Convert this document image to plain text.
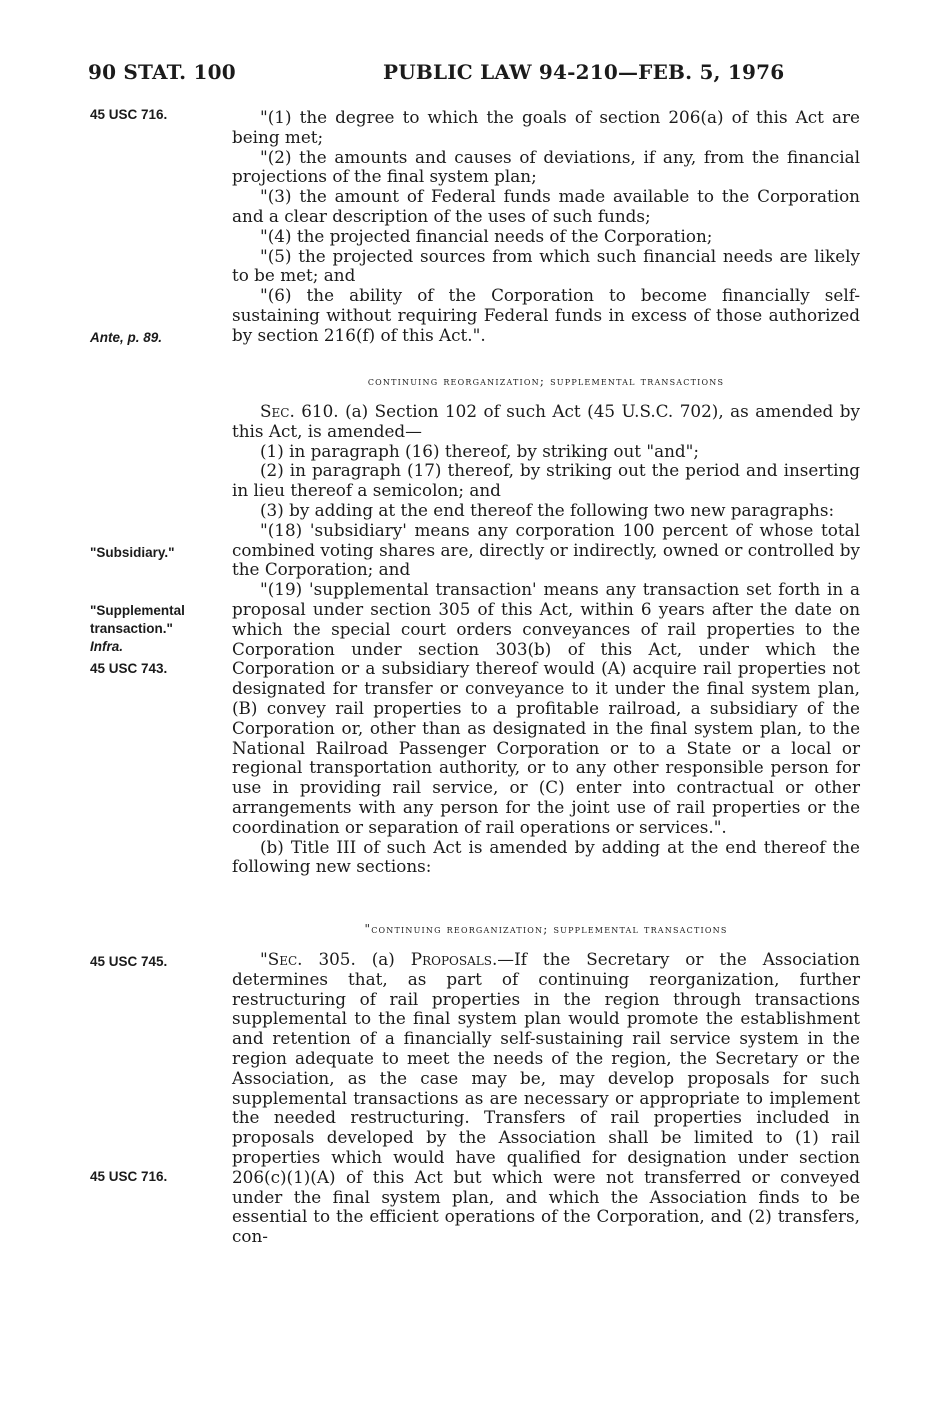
90 STAT. 100	PUBLIC LAW 94-210—FEB. 5, 1976
45 USC 716.
Ante, p. 89.
"Subsidiary."
"Supplemental
transaction."
Infra.
45 USC 743.
45 USC 745.
45 USC 716.

"(1) the degree to which the goals of section 206(a) of this Act are being met;

"(2) the amounts and causes of deviations, if any, from the financial projections of the final system plan;

"(3) the amount of Federal funds made available to the Corporation and a clear description of the uses of such funds;

"(4) the projected financial needs of the Corporation;

"(5) the projected sources from which such financial needs are likely to be met; and

"(6) the ability of the Corporation to become financially self-sustaining without requiring Federal funds in excess of those authorized by section 216(f) of this Act.".

continuing reorganization; supplemental transactions

Sec. 610. (a) Section 102 of such Act (45 U.S.C. 702), as amended by this Act, is amended—

(1) in paragraph (16) thereof, by striking out "and";

(2) in paragraph (17) thereof, by striking out the period and inserting in lieu thereof a semicolon; and

(3) by adding at the end thereof the following two new paragraphs:

"(18) 'subsidiary' means any corporation 100 percent of whose total combined voting shares are, directly or indirectly, owned or controlled by the Corporation; and

"(19) 'supplemental transaction' means any transaction set forth in a proposal under section 305 of this Act, within 6 years after the date on which the special court orders conveyances of rail properties to the Corporation under section 303(b) of this Act, under which the Corporation or a subsidiary thereof would (A) acquire rail properties not designated for transfer or conveyance to it under the final system plan, (B) convey rail properties to a profitable railroad, a subsidiary of the Corporation or, other than as designated in the final system plan, to the National Railroad Passenger Corporation or to a State or a local or regional transportation authority, or to any other responsible person for use in providing rail service, or (C) enter into contractual or other arrangements with any person for the joint use of rail properties or the coordination or separation of rail operations or services.".

(b) Title III of such Act is amended by adding at the end thereof the following new sections:

"continuing reorganization; supplemental transactions

"Sec. 305. (a) Proposals.—If the Secretary or the Association determines that, as part of continuing reorganization, further restructuring of rail properties in the region through transactions supplemental to the final system plan would promote the establishment and retention of a financially self-sustaining rail service system in the region adequate to meet the needs of the region, the Secretary or the Association, as the case may be, may develop proposals for such supplemental transactions as are necessary or appropriate to implement the needed restructuring. Transfers of rail properties included in proposals developed by the Association shall be limited to (1) rail properties which would have qualified for designation under section 206(c)(1)(A) of this Act but which were not transferred or conveyed under the final system plan, and which the Association finds to be essential to the efficient operations of the Corporation, and (2) transfers, con-
